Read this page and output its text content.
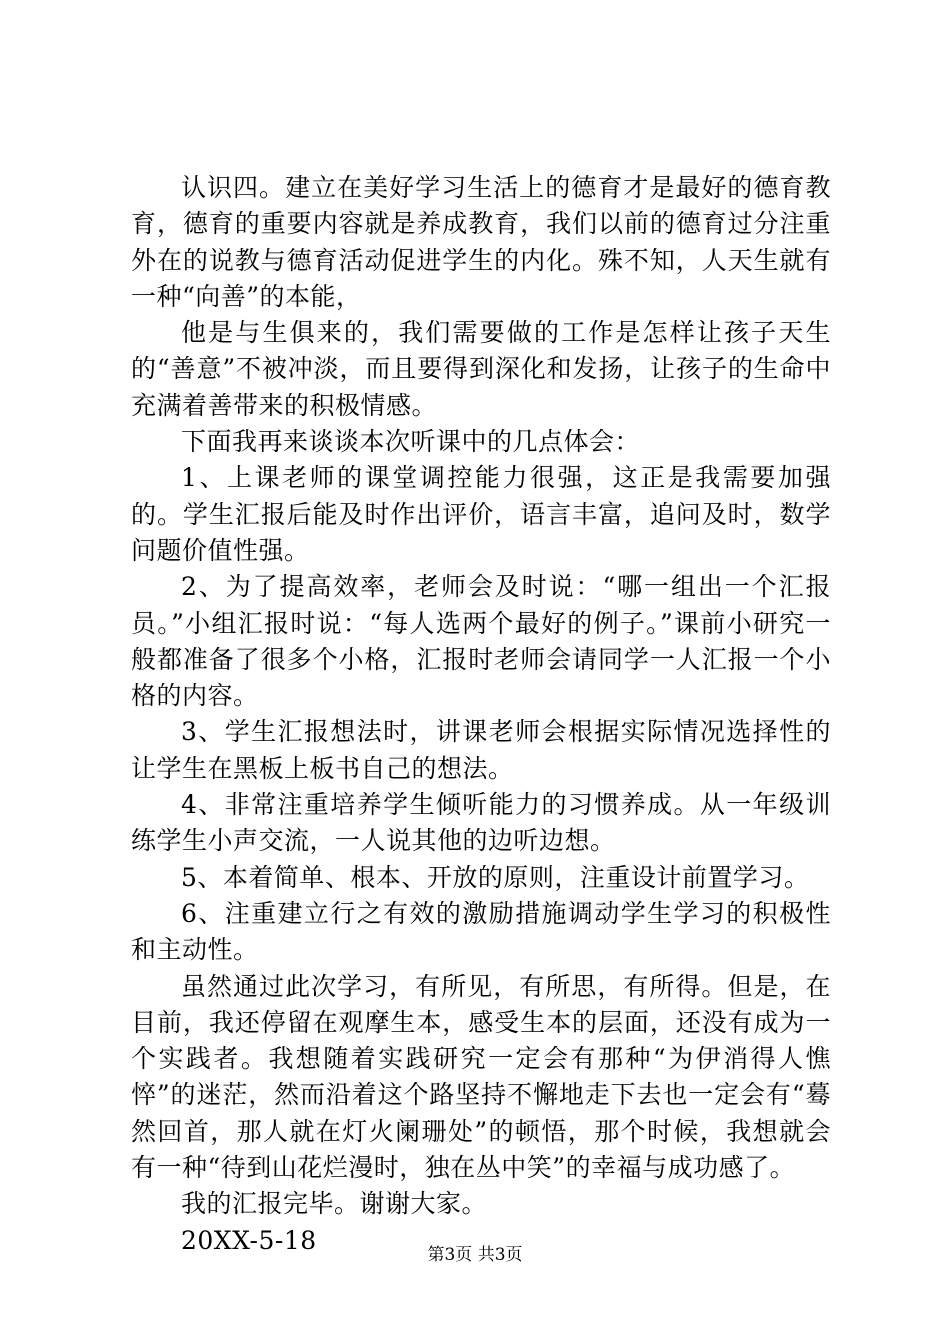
认识四。建立在美好学习生活上的德育才是最好的德育教育，德育的重要内容就是养成教育，我们以前的德育过分注重外在的说教与德育活动促进学生的内化。殊不知，人天生就有一种“向善”的本能，

他是与生俱来的，我们需要做的工作是怎样让孩子天生的“善意”不被冲淡，而且要得到深化和发扬，让孩子的生命中充满着善带来的积极情感。

下面我再来谈谈本次听课中的几点体会：

1、上课老师的课堂调控能力很强，这正是我需要加强的。学生汇报后能及时作出评价，语言丰富，追问及时，数学问题价值性强。

2、为了提高效率，老师会及时说：“哪一组出一个汇报员。”小组汇报时说：“每人选两个最好的例子。”课前小研究一般都准备了很多个小格，汇报时老师会请同学一人汇报一个小格的内容。

3、学生汇报想法时，讲课老师会根据实际情况选择性的让学生在黑板上板书自己的想法。

4、非常注重培养学生倾听能力的习惯养成。从一年级训练学生小声交流，一人说其他的边听边想。

5、本着简单、根本、开放的原则，注重设计前置学习。

6、注重建立行之有效的激励措施调动学生学习的积极性和主动性。

虽然通过此次学习，有所见，有所思，有所得。但是，在目前，我还停留在观摩生本，感受生本的层面，还没有成为一个实践者。我想随着实践研究一定会有那种“为伊消得人憔悴”的迷茫，然而沿着这个路坚持不懈地走下去也一定会有“蓦然回首，那人就在灯火阑珊处”的顿悟，那个时候，我想就会有一种“待到山花烂漫时，独在丛中笑”的幸福与成功感了。

我的汇报完毕。谢谢大家。

20XX-5-18

第3页 共3页
